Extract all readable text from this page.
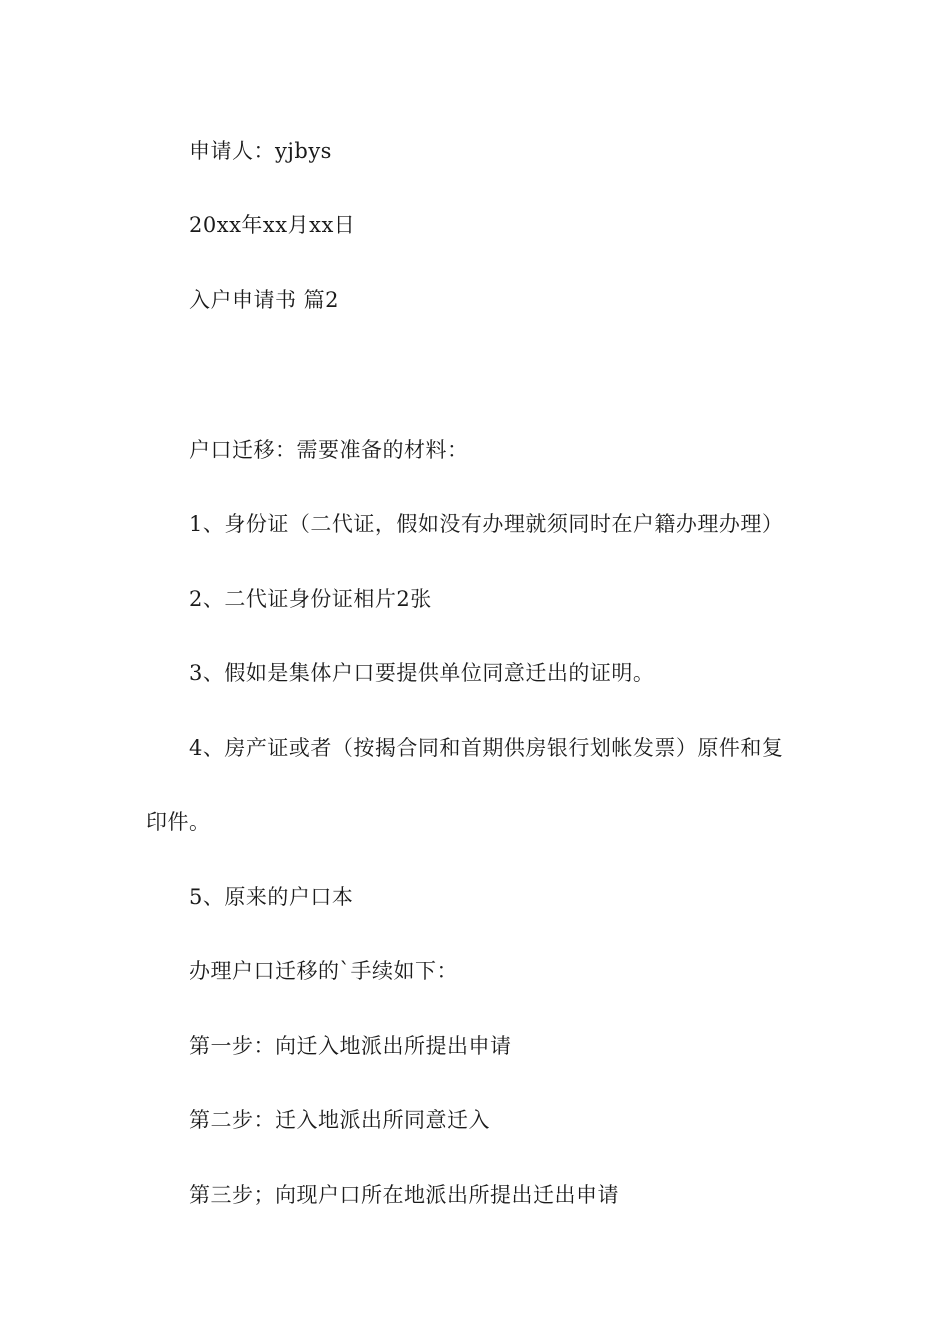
申请人：yjbys
20xx年xx月xx日
入户申请书 篇2
户口迁移：需要准备的材料：
1、身份证（二代证，假如没有办理就须同时在户籍办理办理）
2、二代证身份证相片2张
3、假如是集体户口要提供单位同意迁出的证明。
4、房产证或者（按揭合同和首期供房银行划帐发票）原件和复
印件。
5、原来的户口本
办理户口迁移的`手续如下：
第一步：向迁入地派出所提出申请
第二步：迁入地派出所同意迁入
第三步；向现户口所在地派出所提出迁出申请
